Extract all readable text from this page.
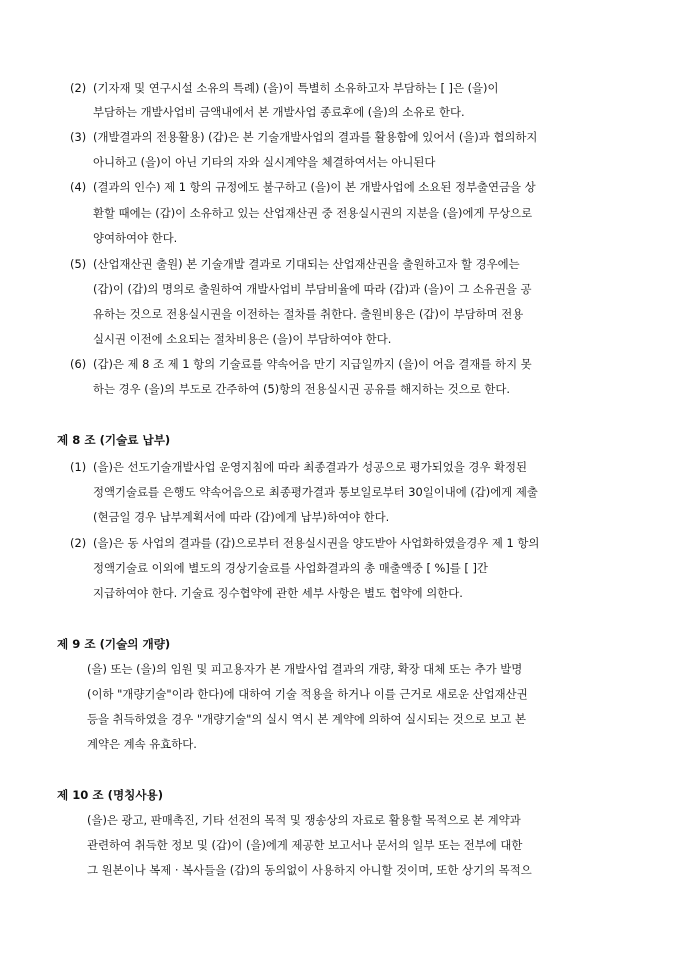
(2) (기자재 및 연구시설 소유의 특례) (을)이 특별히 소유하고자 부담하는 [ ]은 (을)이
부담하는 개발사업비 금액내에서 본 개발사업 종료후에 (을)의 소유로 한다.
(3) (개발결과의 전용활용) (갑)은 본 기술개발사업의 결과를 활용함에 있어서 (을)과 협의하지
아니하고 (을)이 아닌 기타의 자와 실시계약을 체결하여서는 아니된다
(4) (결과의 인수) 제 1 항의 규정에도 불구하고 (을)이 본 개발사업에 소요된 정부출연금을 상
환할 때에는 (갑)이 소유하고 있는 산업재산권 중 전용실시권의 지분을 (을)에게 무상으로
양여하여야 한다.
(5) (산업재산권 출원) 본 기술개발 결과로 기대되는 산업재산권을 출원하고자 할 경우에는
(갑)이 (갑)의 명의로 출원하여 개발사업비 부담비율에 따라 (갑)과 (을)이 그 소유권을 공
유하는 것으로 전용실시권을 이전하는 절차를 취한다. 출원비용은 (갑)이 부담하며 전용
실시권 이전에 소요되는 절차비용은 (을)이 부담하여야 한다.
(6) (갑)은 제 8 조 제 1 항의 기술료를 약속어음 만기 지급일까지 (을)이 어음 결재를 하지 못
하는 경우 (을)의 부도로 간주하여 (5)항의 전용실시권 공유를 해지하는 것으로 한다.
제 8 조 (기술료 납부)
(1) (을)은 선도기술개발사업 운영지침에 따라 최종결과가 성공으로 평가되었을 경우 확정된
정액기술료를 은행도 약속어음으로 최종평가결과 통보일로부터 30일이내에 (갑)에게 제출
(현금일 경우 납부계획서에 따라 (갑)에게 납부)하여야 한다.
(2) (을)은 동 사업의 결과를 (갑)으로부터 전용실시권을 양도받아 사업화하였을경우 제 1 항의
정액기술료 이외에 별도의 경상기술료를 사업화결과의 총 매출액중 [ %]를 [ ]간
지급하여야 한다. 기술료 징수협약에 관한 세부 사항은 별도 협약에 의한다.
제 9 조 (기술의 개량)
(을) 또는 (을)의 임원 및 피고용자가 본 개발사업 결과의 개량, 확장 대체 또는 추가 발명
(이하 "개량기술"이라 한다)에 대하여 기술 적용을 하거나 이를 근거로 새로운 산업재산권
등을 취득하였을 경우 "개량기술"의 실시 역시 본 계약에 의하여 실시되는 것으로 보고 본
계약은 계속 유효하다.
제 10 조 (명칭사용)
(을)은 광고, 판매촉진, 기타 선전의 목적 및 쟁송상의 자료로 활용할 목적으로 본 계약과
관련하여 취득한 정보 및 (갑)이 (을)에게 제공한 보고서나 문서의 일부 또는 전부에 대한
그 원본이나 복제 · 복사들을 (갑)의 동의없이 사용하지 아니할 것이며, 또한 상기의 목적으
